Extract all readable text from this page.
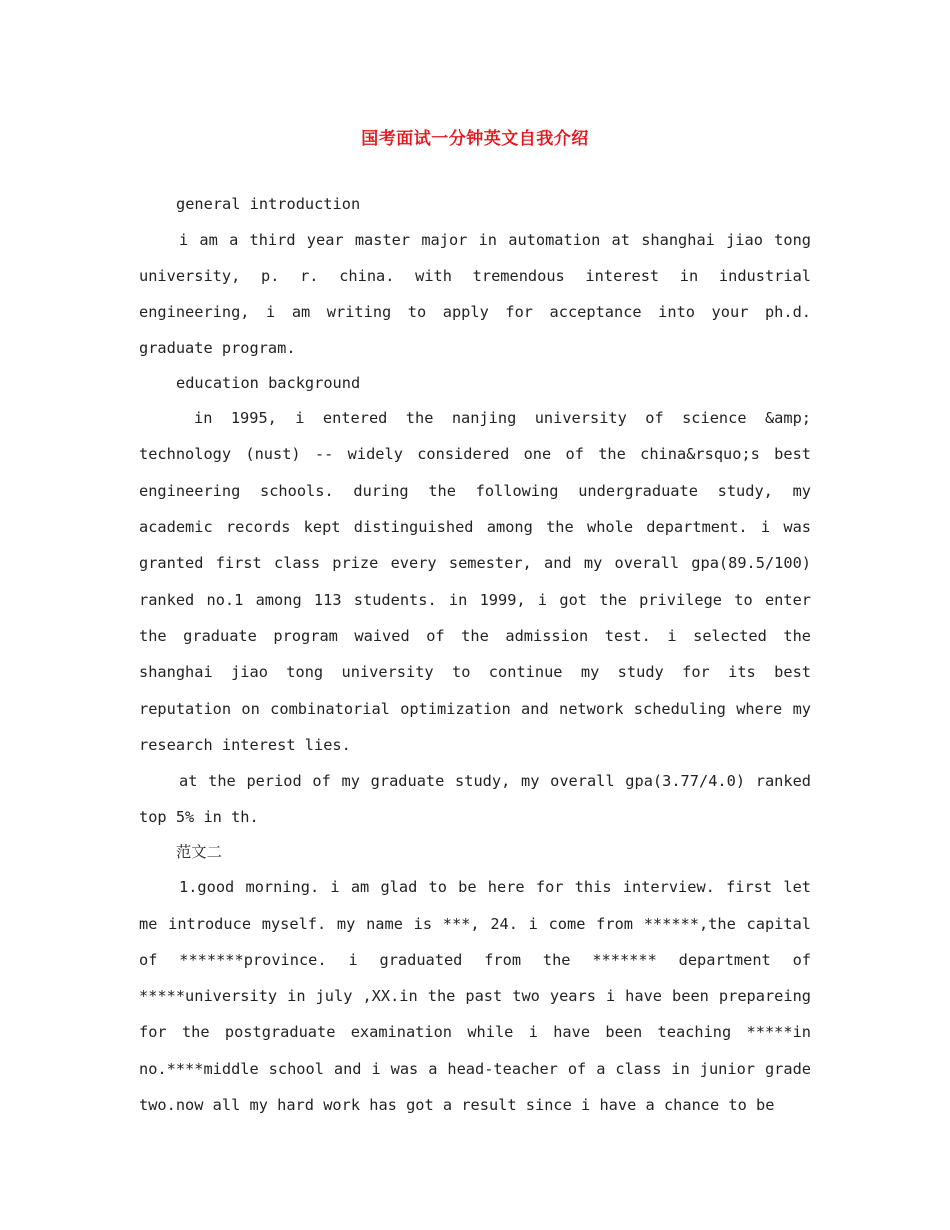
国考面试一分钟英文自我介绍

general introduction

i am a third year master major in automation at shanghai jiao tong university, p. r. china. with tremendous interest in industrial engineering, i am writing to apply for acceptance into your ph.d. graduate program.

education background

in 1995, i entered the nanjing university of science &amp; technology (nust) -- widely considered one of the china&rsquo;s best engineering schools. during the following undergraduate study, my academic records kept distinguished among the whole department. i was granted first class prize every semester, and my overall gpa(89.5/100) ranked no.1 among 113 students. in 1999, i got the privilege to enter the graduate program waived of the admission test. i selected the shanghai jiao tong university to continue my study for its best reputation on combinatorial optimization and network scheduling where my research interest lies.

at the period of my graduate study, my overall gpa(3.77/4.0) ranked top 5% in th.

范文二

1.good morning. i am glad to be here for this interview. first let me introduce myself. my name is ***, 24. i come from ******,the capital of *******province. i graduated from the ******* department of *****university in july ,XX.in the past two years i have been prepareing for the postgraduate examination while i have been teaching *****in no.****middle school and i was a head-teacher of a class in junior grade two.now all my hard work has got a result since i have a chance to be
